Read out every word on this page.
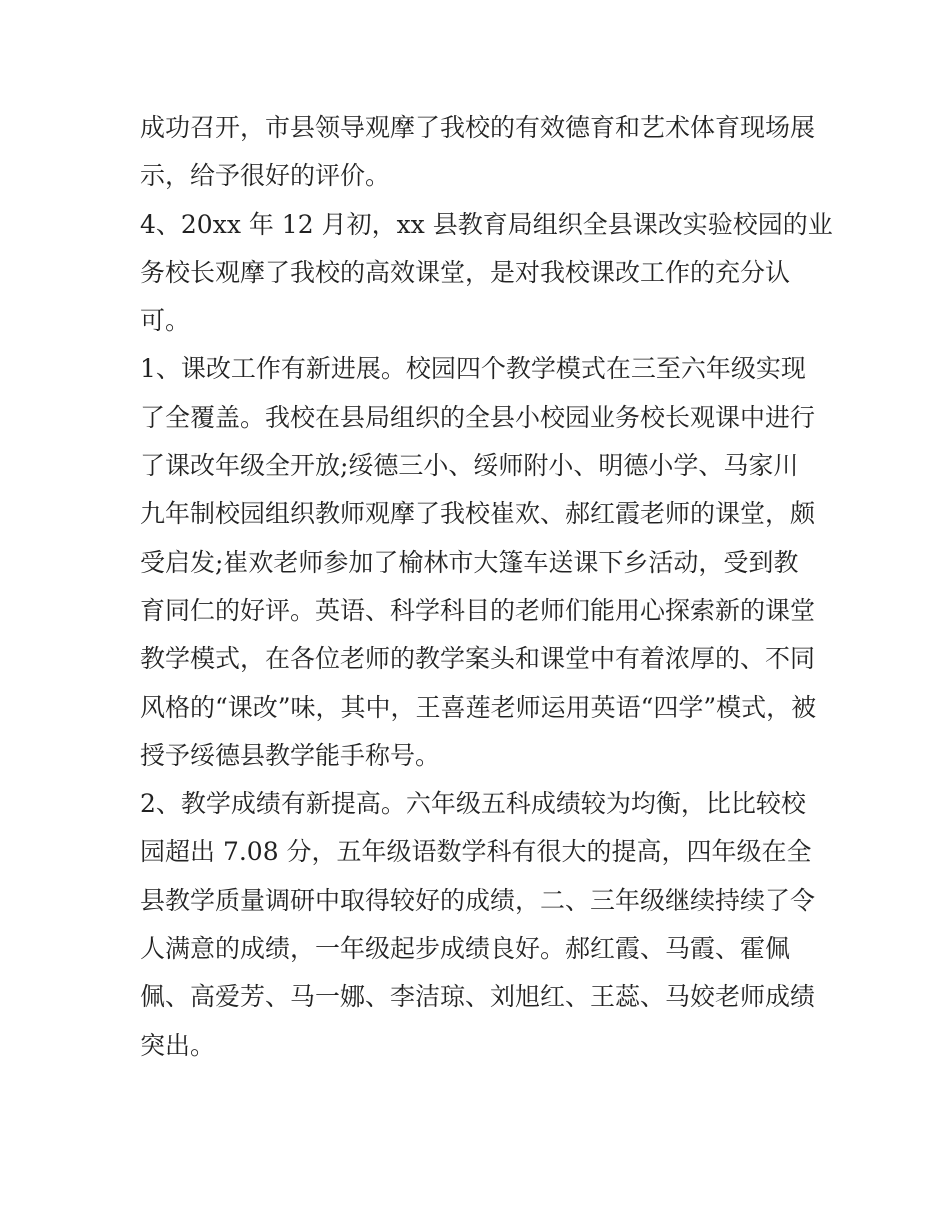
成功召开，市县领导观摩了我校的有效德育和艺术体育现场展
示，给予很好的评价。

4、20xx 年 12 月初，xx 县教育局组织全县课改实验校园的业
务校长观摩了我校的高效课堂，是对我校课改工作的充分认
可。

1、课改工作有新进展。校园四个教学模式在三至六年级实现
了全覆盖。我校在县局组织的全县小校园业务校长观课中进行
了课改年级全开放;绥德三小、绥师附小、明德小学、马家川
九年制校园组织教师观摩了我校崔欢、郝红霞老师的课堂，颇
受启发;崔欢老师参加了榆林市大篷车送课下乡活动，受到教
育同仁的好评。英语、科学科目的老师们能用心探索新的课堂
教学模式，在各位老师的教学案头和课堂中有着浓厚的、不同
风格的“课改”味，其中，王喜莲老师运用英语“四学”模式，被
授予绥德县教学能手称号。

2、教学成绩有新提高。六年级五科成绩较为均衡，比比较校
园超出 7.08 分，五年级语数学科有很大的提高，四年级在全
县教学质量调研中取得较好的成绩，二、三年级继续持续了令
人满意的成绩，一年级起步成绩良好。郝红霞、马霞、霍佩
佩、高爱芳、马一娜、李洁琼、刘旭红、王蕊、马姣老师成绩
突出。
